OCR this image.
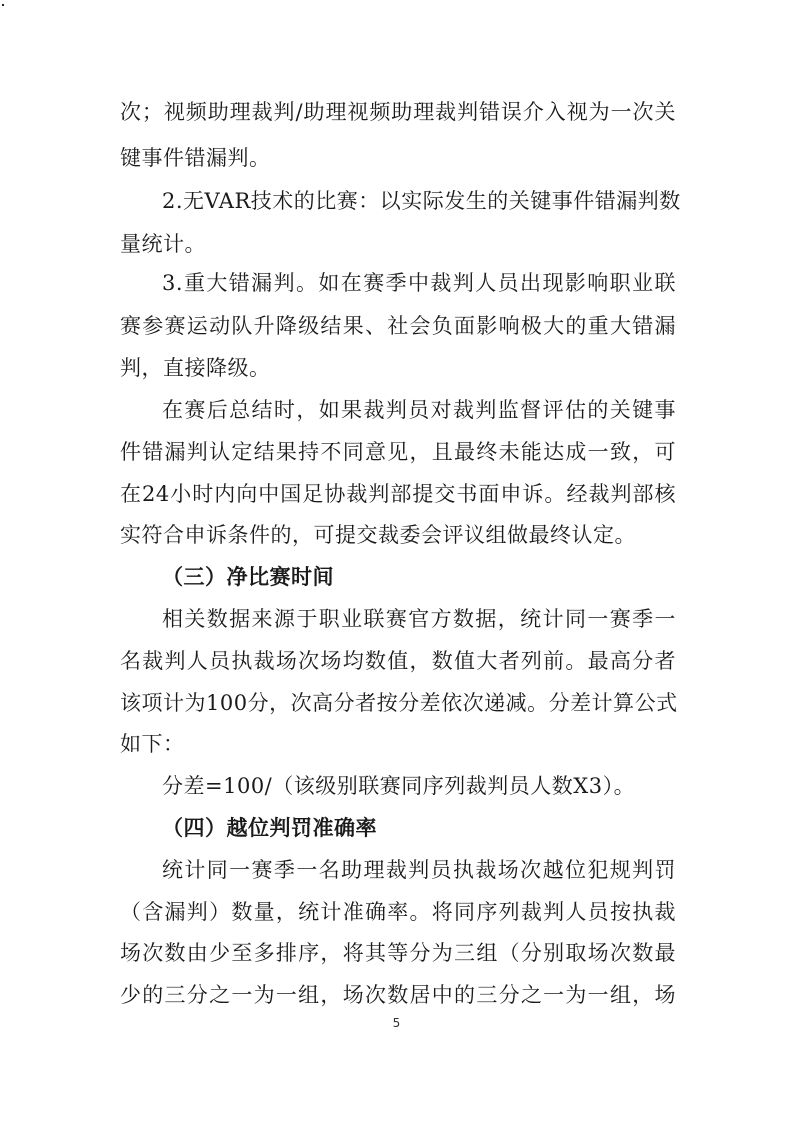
次；视频助理裁判/助理视频助理裁判错误介入视为一次关
键事件错漏判。
2.无VAR技术的比赛：以实际发生的关键事件错漏判数
量统计。
3.重大错漏判。如在赛季中裁判人员出现影响职业联
赛参赛运动队升降级结果、社会负面影响极大的重大错漏
判，直接降级。
在赛后总结时，如果裁判员对裁判监督评估的关键事
件错漏判认定结果持不同意见，且最终未能达成一致，可
在24小时内向中国足协裁判部提交书面申诉。经裁判部核
实符合申诉条件的，可提交裁委会评议组做最终认定。
（三）净比赛时间
相关数据来源于职业联赛官方数据，统计同一赛季一
名裁判人员执裁场次场均数值，数值大者列前。最高分者
该项计为100分，次高分者按分差依次递减。分差计算公式
如下：
分差=100/（该级别联赛同序列裁判员人数X3）。
（四）越位判罚准确率
统计同一赛季一名助理裁判员执裁场次越位犯规判罚
（含漏判）数量，统计准确率。将同序列裁判人员按执裁
场次数由少至多排序，将其等分为三组（分别取场次数最
少的三分之一为一组，场次数居中的三分之一为一组，场
5
